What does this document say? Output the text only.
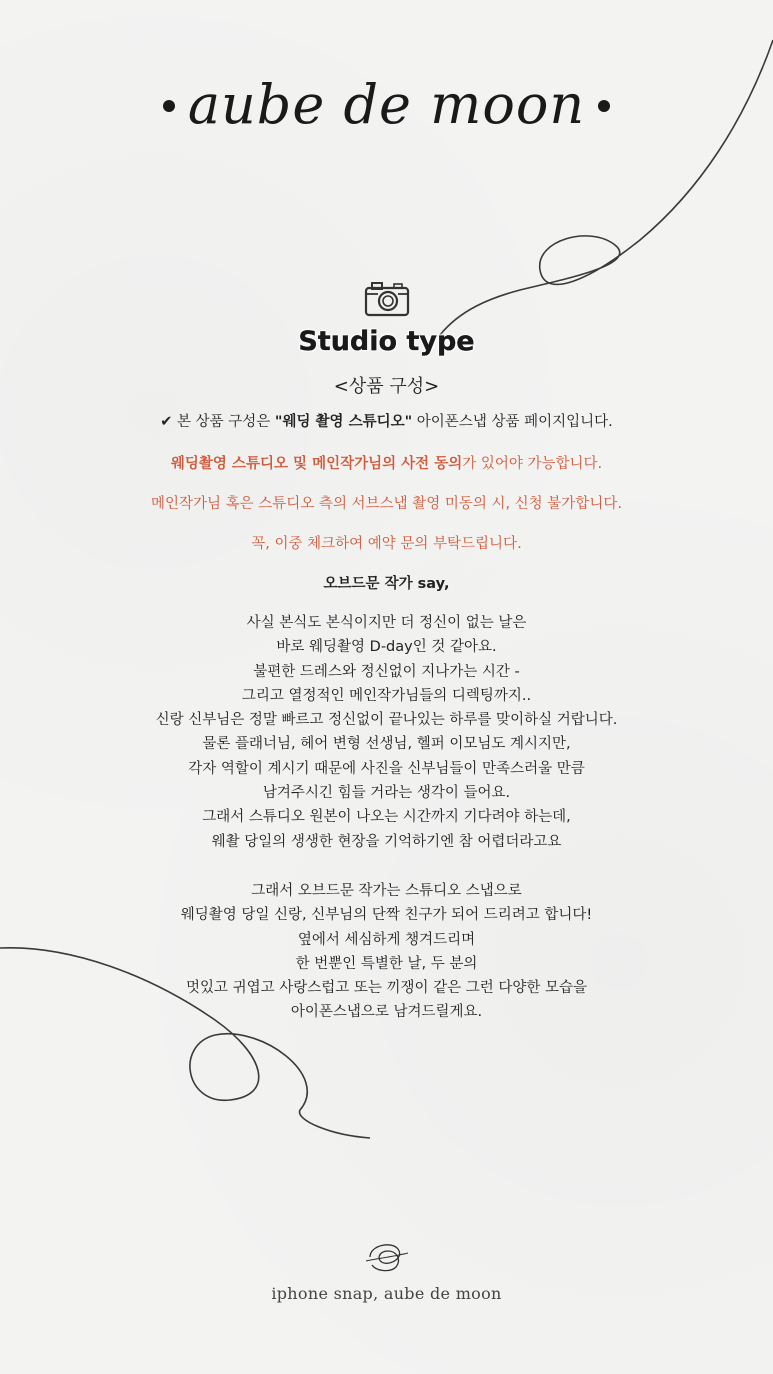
aube de moon
Studio type
<상품 구성>
✔ 본 상품 구성은 "웨딩 촬영 스튜디오" 아이폰스냅 상품 페이지입니다.
웨딩촬영 스튜디오 및 메인작가님의 사전 동의가 있어야 가능합니다.
메인작가님 혹은 스튜디오 측의 서브스냅 촬영 미동의 시, 신청 불가합니다.
꼭, 이중 체크하여 예약 문의 부탁드립니다.
오브드문 작가 say,
사실 본식도 본식이지만 더 정신이 없는 날은
바로 웨딩촬영 D-day인 것 같아요.
불편한 드레스와 정신없이 지나가는 시간 -
그리고 열정적인 메인작가님들의 디렉팅까지..
신랑 신부님은 정말 빠르고 정신없이 끝나있는 하루를 맞이하실 거랍니다.
물론 플래너님, 헤어 변형 선생님, 헬퍼 이모님도 계시지만,
각자 역할이 계시기 때문에 사진을 신부님들이 만족스러울 만큼
남겨주시긴 힘들 거라는 생각이 들어요.
그래서 스튜디오 원본이 나오는 시간까지 기다려야 하는데,
웨촬 당일의 생생한 현장을 기억하기엔 참 어렵더라고요
그래서 오브드문 작가는 스튜디오 스냅으로
웨딩촬영 당일 신랑, 신부님의 단짝 친구가 되어 드리려고 합니다!
옆에서 세심하게 챙겨드리며
한 번뿐인 특별한 날, 두 분의
멋있고 귀엽고 사랑스럽고 또는 끼쟁이 같은 그런 다양한 모습을
아이폰스냅으로 남겨드릴게요.
iphone snap, aube de moon
